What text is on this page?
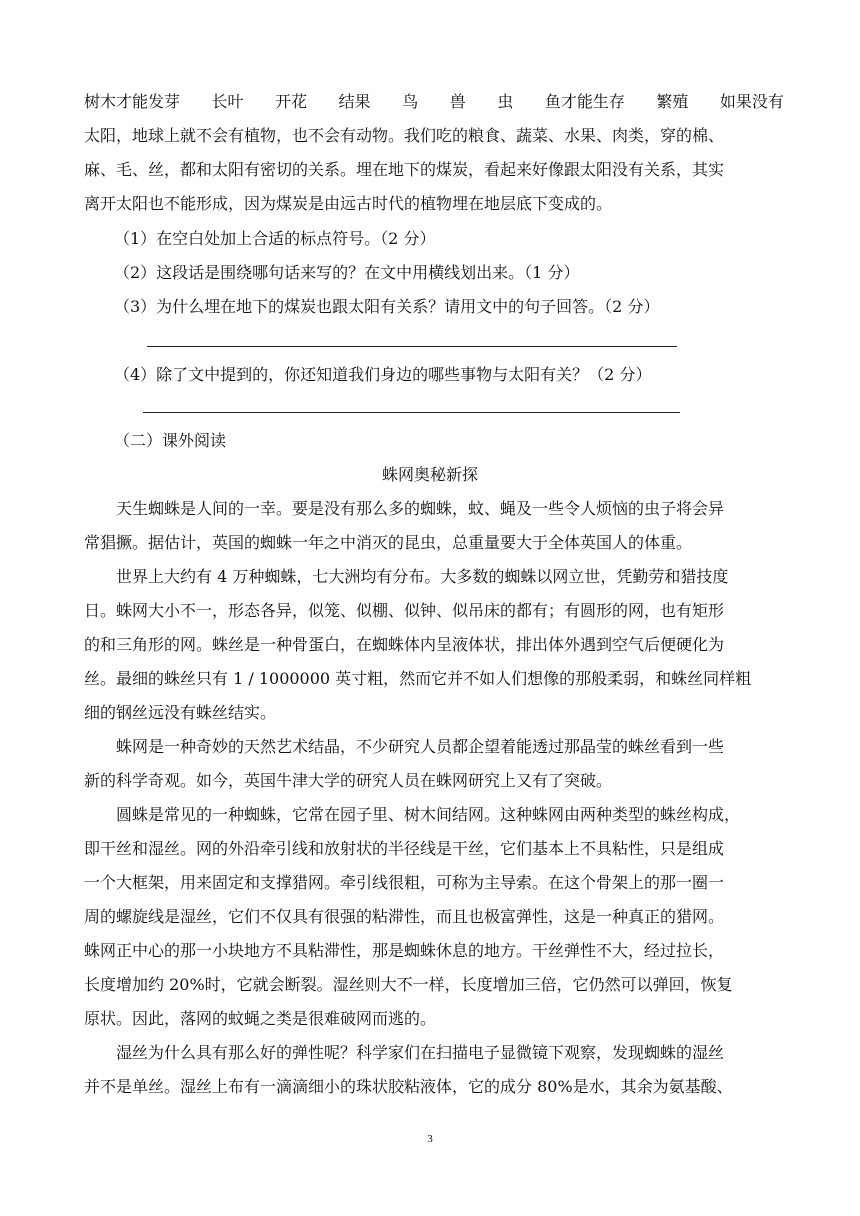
树木才能发芽 长叶 开花 结果 鸟 兽 虫 鱼才能生存 繁殖 如果没有
太阳，地球上就不会有植物，也不会有动物。我们吃的粮食、蔬菜、水果、肉类，穿的棉、
麻、毛、丝，都和太阳有密切的关系。埋在地下的煤炭，看起来好像跟太阳没有关系，其实
离开太阳也不能形成，因为煤炭是由远古时代的植物埋在地层底下变成的。
（1）在空白处加上合适的标点符号。（2 分）
（2）这段话是围绕哪句话来写的？在文中用横线划出来。（1 分）
（3）为什么埋在地下的煤炭也跟太阳有关系？请用文中的句子回答。（2 分）
（4）除了文中提到的，你还知道我们身边的哪些事物与太阳有关？（2 分）
（二）课外阅读
蛛网奥秘新探
天生蜘蛛是人间的一幸。要是没有那么多的蜘蛛，蚊、蝇及一些令人烦恼的虫子将会异
常猖撅。据估计，英国的蜘蛛一年之中消灭的昆虫，总重量要大于全体英国人的体重。
世界上大约有 4 万种蜘蛛，七大洲均有分布。大多数的蜘蛛以网立世，凭勤劳和猎技度
日。蛛网大小不一，形态各异，似笼、似棚、似钟、似吊床的都有；有圆形的网，也有矩形
的和三角形的网。蛛丝是一种骨蛋白，在蜘蛛体内呈液体状，排出体外遇到空气后便硬化为
丝。最细的蛛丝只有 1 / 1000000 英寸粗，然而它并不如人们想像的那般柔弱，和蛛丝同样粗
细的钢丝远没有蛛丝结实。
蛛网是一种奇妙的天然艺术结晶，不少研究人员都企望着能透过那晶莹的蛛丝看到一些
新的科学奇观。如今，英国牛津大学的研究人员在蛛网研究上又有了突破。
圆蛛是常见的一种蜘蛛，它常在园子里、树木间结网。这种蛛网由两种类型的蛛丝构成，
即干丝和湿丝。网的外沿牵引线和放射状的半径线是干丝，它们基本上不具粘性，只是组成
一个大框架，用来固定和支撑猎网。牵引线很粗，可称为主导索。在这个骨架上的那一圈一
周的螺旋线是湿丝，它们不仅具有很强的粘滞性，而且也极富弹性，这是一种真正的猎网。
蛛网正中心的那一小块地方不具粘滞性，那是蜘蛛休息的地方。干丝弹性不大，经过拉长，
长度增加约 20%时，它就会断裂。湿丝则大不一样，长度增加三倍，它仍然可以弹回，恢复
原状。因此，落网的蚊蝇之类是很难破网而逃的。
湿丝为什么具有那么好的弹性呢？科学家们在扫描电子显微镜下观察，发现蜘蛛的湿丝
并不是单丝。湿丝上布有一滴滴细小的珠状胶粘液体，它的成分 80%是水，其余为氨基酸、
3
